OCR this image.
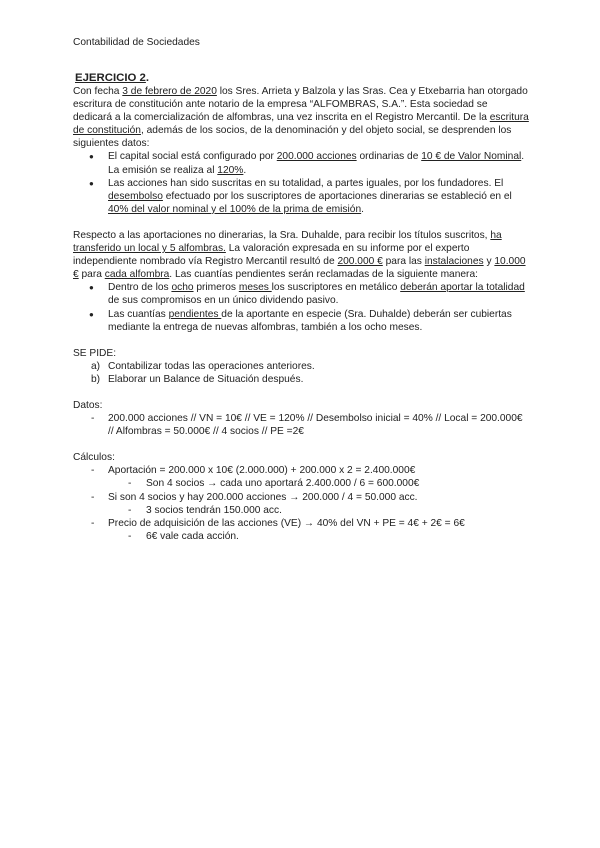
Contabilidad de Sociedades
EJERCICIO 2.

Con fecha 3 de febrero de 2020 los Sres. Arrieta y Balzola y las Sras. Cea y Etxebarria han otorgado escritura de constitución ante notario de la empresa “ALFOMBRAS, S.A.”. Esta sociedad se dedicará a la comercialización de alfombras, una vez inscrita en el Registro Mercantil. De la escritura de constitución, además de los socios, de la denominación y del objeto social, se desprenden los siguientes datos:

● El capital social está configurado por 200.000 acciones ordinarias de 10 € de Valor Nominal. La emisión se realiza al 120%.
● Las acciones han sido suscritas en su totalidad, a partes iguales, por los fundadores. El desembolso efectuado por los suscriptores de aportaciones dinerarias se estableció en el 40% del valor nominal y el 100% de la prima de emisión.

Respecto a las aportaciones no dinerarias, la Sra. Duhalde, para recibir los títulos suscritos, ha transferido un local y 5 alfombras. La valoración expresada en su informe por el experto independiente nombrado vía Registro Mercantil resultó de 200.000 € para las instalaciones y 10.000 € para cada alfombra. Las cuantías pendientes serán reclamadas de la siguiente manera:

● Dentro de los ocho primeros meses los suscriptores en metálico deberán aportar la totalidad de sus compromisos en un único dividendo pasivo.
● Las cuantías pendientes de la aportante en especie (Sra. Duhalde) deberán ser cubiertas mediante la entrega de nuevas alfombras, también a los ocho meses.

SE PIDE:

a) Contabilizar todas las operaciones anteriores.
b) Elaborar un Balance de Situación después.

Datos:

- 200.000 acciones // VN = 10€ // VE = 120% // Desembolso inicial = 40% // Local = 200.000€ // Alfombras = 50.000€ // 4 socios // PE =2€

Cálculos:

- Aportación = 200.000 x 10€ (2.000.000) + 200.000 x 2 = 2.400.000€
- Son 4 socios → cada uno aportará 2.400.000 / 6 = 600.000€
- Si son 4 socios y hay 200.000 acciones → 200.000 / 4 = 50.000 acc.
- 3 socios tendrán 150.000 acc.
- Precio de adquisición de las acciones (VE) → 40% del VN + PE = 4€ + 2€ = 6€
- 6€ vale cada acción.
